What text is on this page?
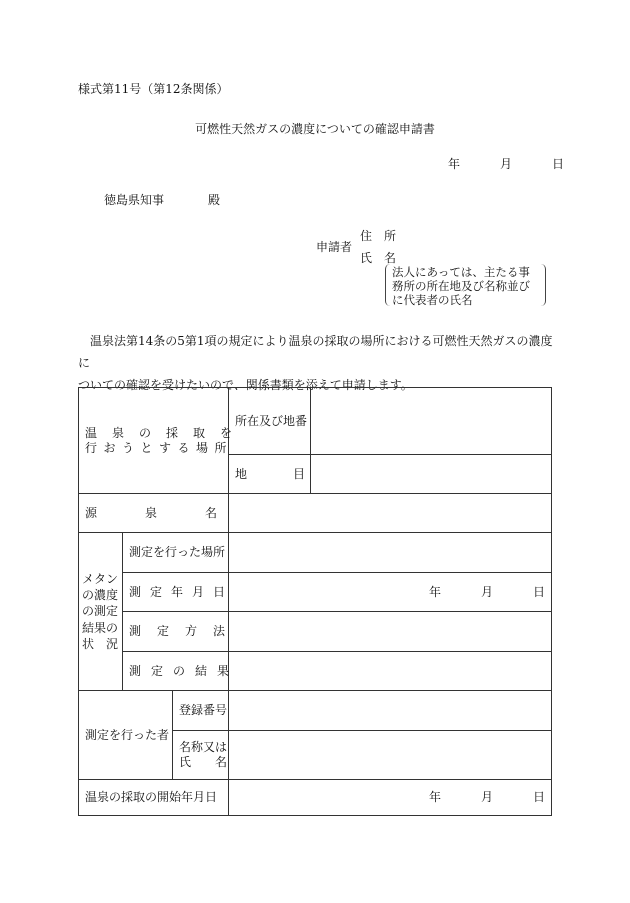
様式第11号（第12条関係）
可燃性天然ガスの濃度についての確認申請書
年	月	日
徳島県知事	殿
申請者
住　所
氏　名
法人にあっては、主たる事
務所の所在地及び名称並び
に代表者の氏名
温泉法第14条の5第1項の規定により温泉の採取の場所における可燃性天然ガスの濃度に
ついての確認を受けたいので、関係書類を添えて申請します。
温泉の採取を
行おうとする場所			所在及び地番	
			地目	
源泉名				

メタン
の濃度
の測定
結果の
状　況	測定を行った場所			
	測定年月日		年 月 日	
	測定方法			
	測定の結果			
測定を行った者		登録番号		

		名称又は
氏　　名		

温泉の採取の開始年月日			年 月 日	
